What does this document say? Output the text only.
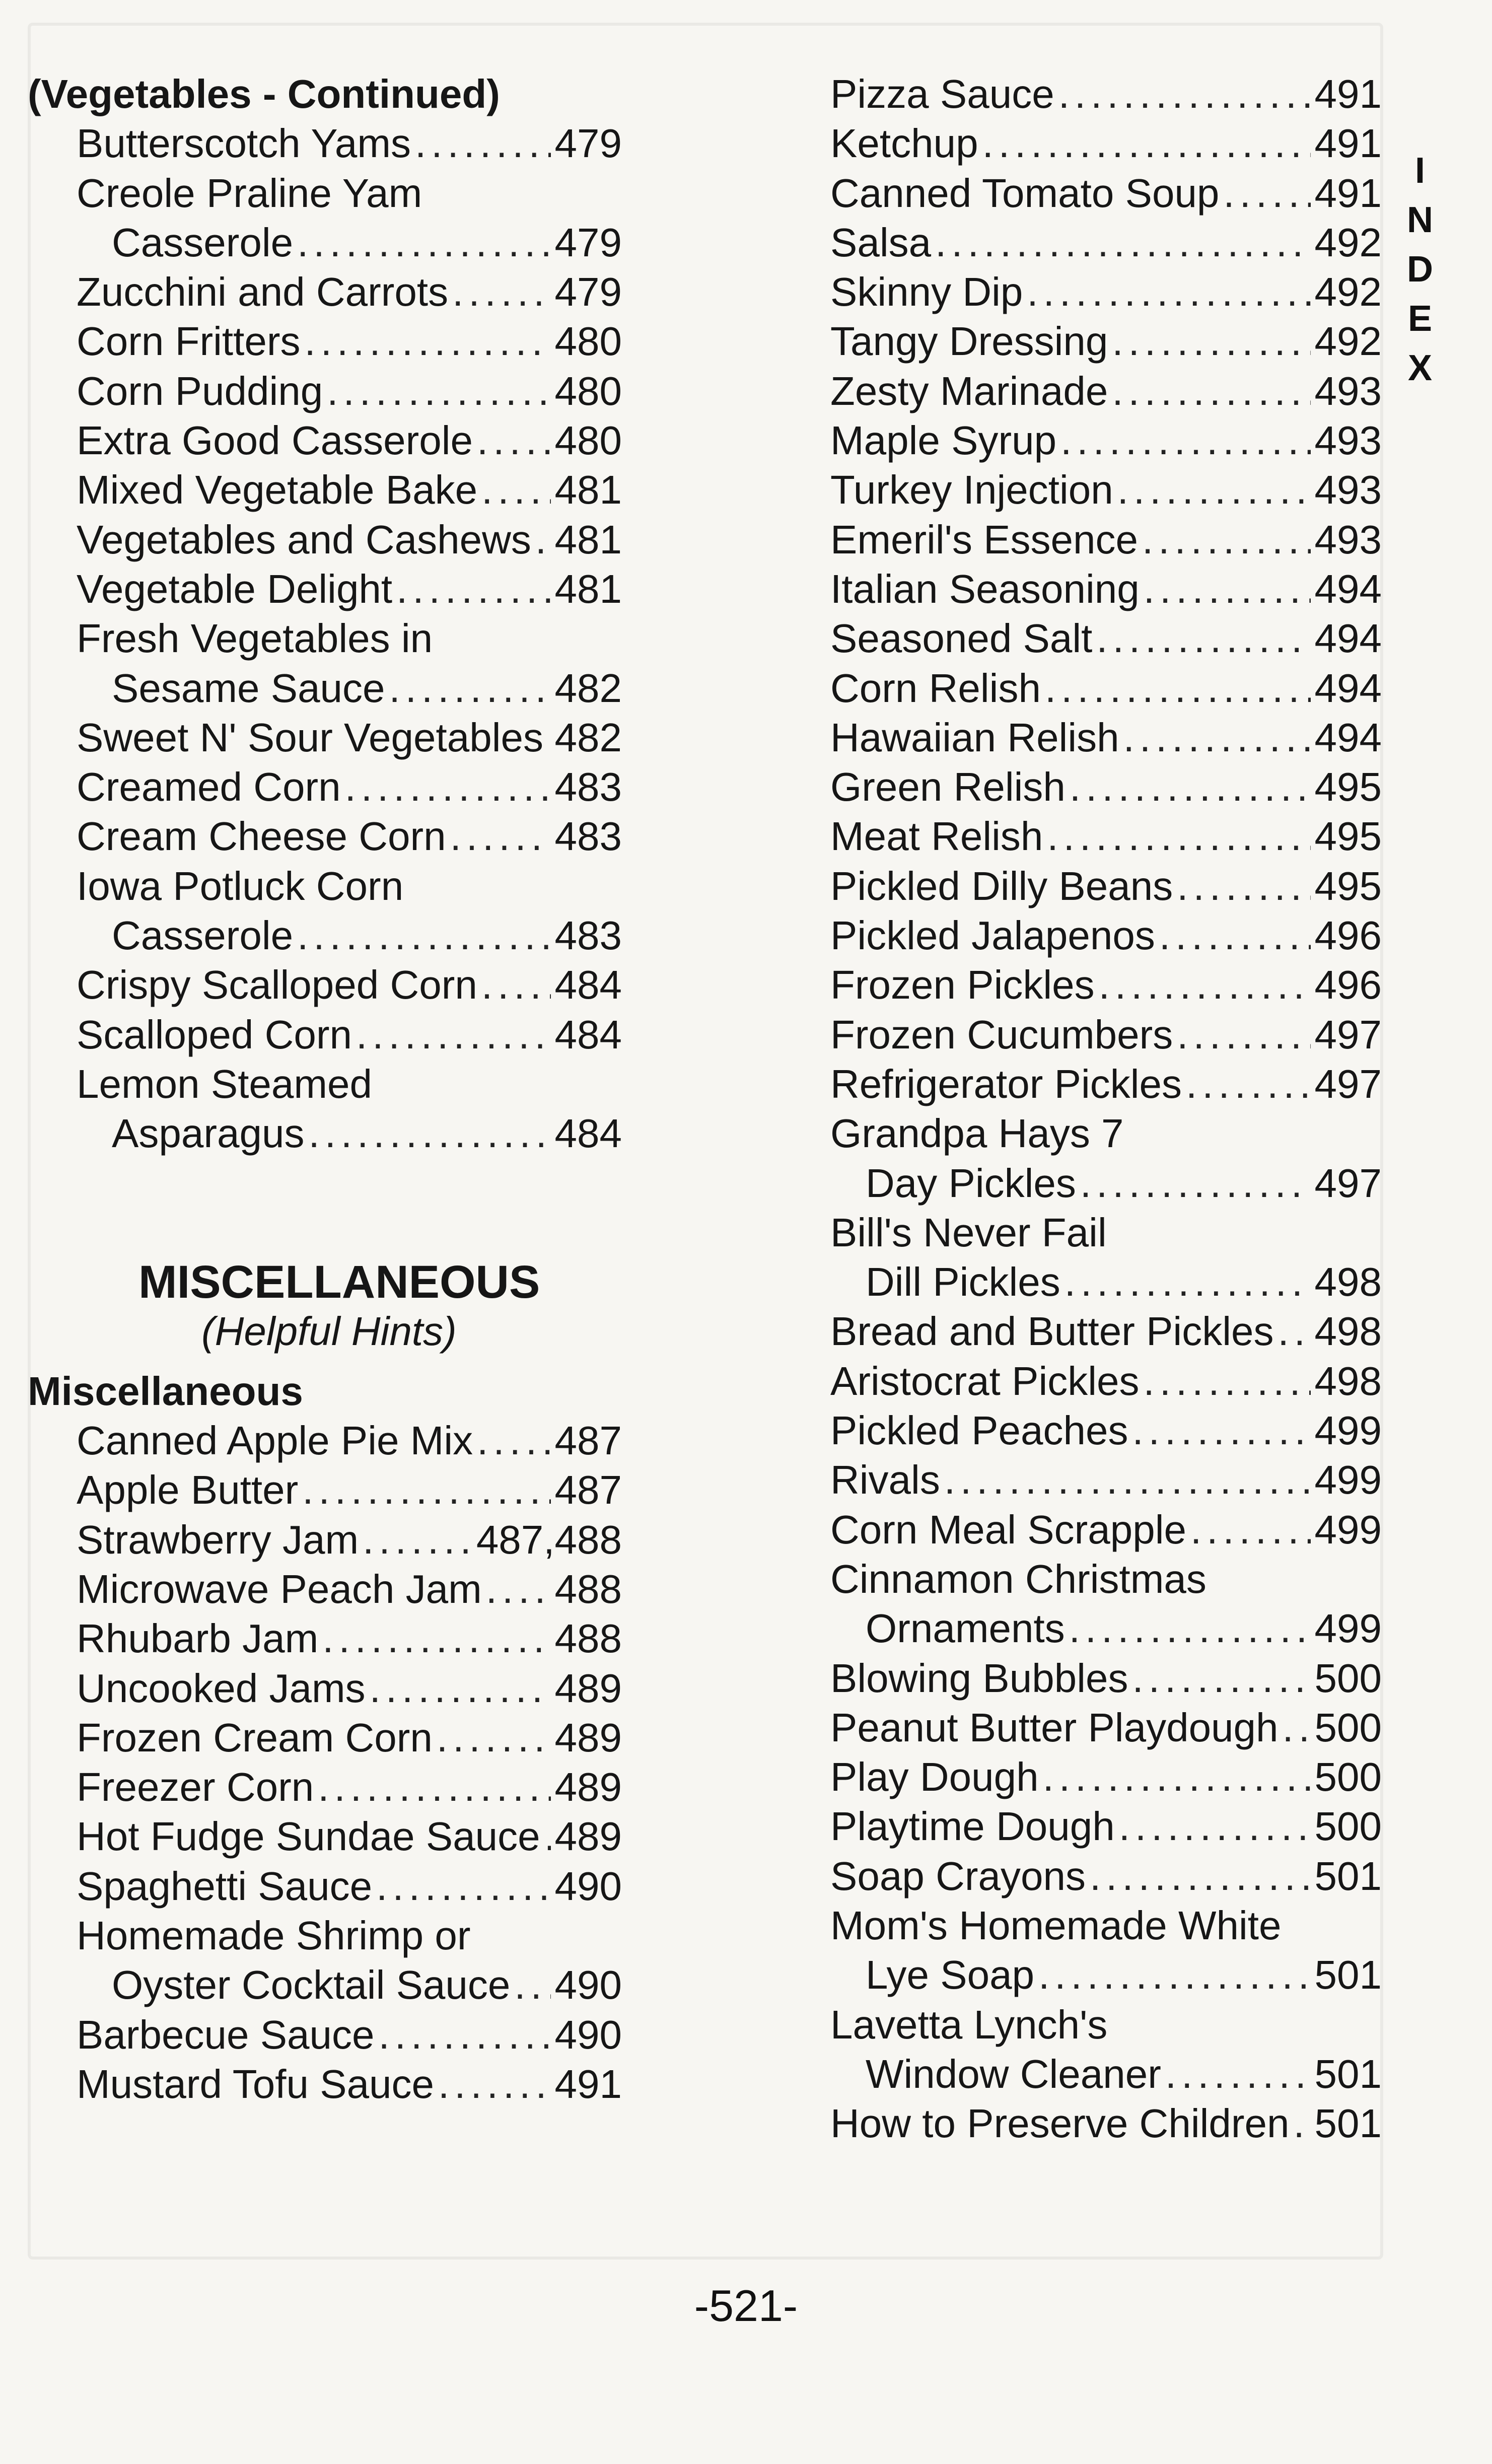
(Vegetables - Continued)
Butterscotch Yams .....	479
Creole Praline Yam
Casserole .....	479
Zucchini and Carrots .....	479
Corn Fritters .....	480
Corn Pudding .....	480
Extra Good Casserole ..... 480
Mixed Vegetable Bake ..... 481
Vegetables and Cashews ..... 481
Vegetable Delight .....	481
Fresh Vegetables in
Sesame Sauce .....	482
Sweet N' Sour Vegetables ..... 482
Creamed Corn .....	483
Cream Cheese Corn .....	483
Iowa Potluck Corn
Casserole .....	483
Crispy Scalloped Corn ..... 484
Scalloped Corn .....	484
Lemon Steamed
Asparagus .....	484
MISCELLANEOUS
(Helpful Hints)
Miscellaneous
Canned Apple Pie Mix ..... 487
Apple Butter .....	487
Strawberry Jam .....	487,488
Microwave Peach Jam ..... 488
Rhubarb Jam .....	488
Uncooked Jams .....	489
Frozen Cream Corn .....	489
Freezer Corn .....	489
Hot Fudge Sundae Sauce ..... 489
Spaghetti Sauce .....	490
Homemade Shrimp or
Oyster Cocktail Sauce ..... 490
Barbecue Sauce .....	490
Mustard Tofu Sauce .....	491
Pizza Sauce .....	491
Ketchup .....	491
Canned Tomato Soup ..... 491
Salsa .....	492
Skinny Dip .....	492
Tangy Dressing .....	492
Zesty Marinade .....	493
Maple Syrup .....	493
Turkey Injection .....	493
Emeril's Essence .....	493
Italian Seasoning .....	494
Seasoned Salt .....	494
Corn Relish .....	494
Hawaiian Relish .....	494
Green Relish .....	495
Meat Relish .....	495
Pickled Dilly Beans .....	495
Pickled Jalapenos .....	496
Frozen Pickles .....	496
Frozen Cucumbers .....	497
Refrigerator Pickles .....	497
Grandpa Hays 7
Day Pickles .....	497
Bill's Never Fail
Dill Pickles .....	498
Bread and Butter Pickles ..... 498
Aristocrat Pickles .....	498
Pickled Peaches .....	499
Rivals .....	499
Corn Meal Scrapple .....	499
Cinnamon Christmas
Ornaments .....	499
Blowing Bubbles .....	500
Peanut Butter Playdough ..... 500
Play Dough .....	500
Playtime Dough .....	500
Soap Crayons .....	501
Mom's Homemade White
Lye Soap .....	501
Lavetta Lynch's
Window Cleaner .....	501
How to Preserve Children ..... 501
I
N
D
E
X
-521-
